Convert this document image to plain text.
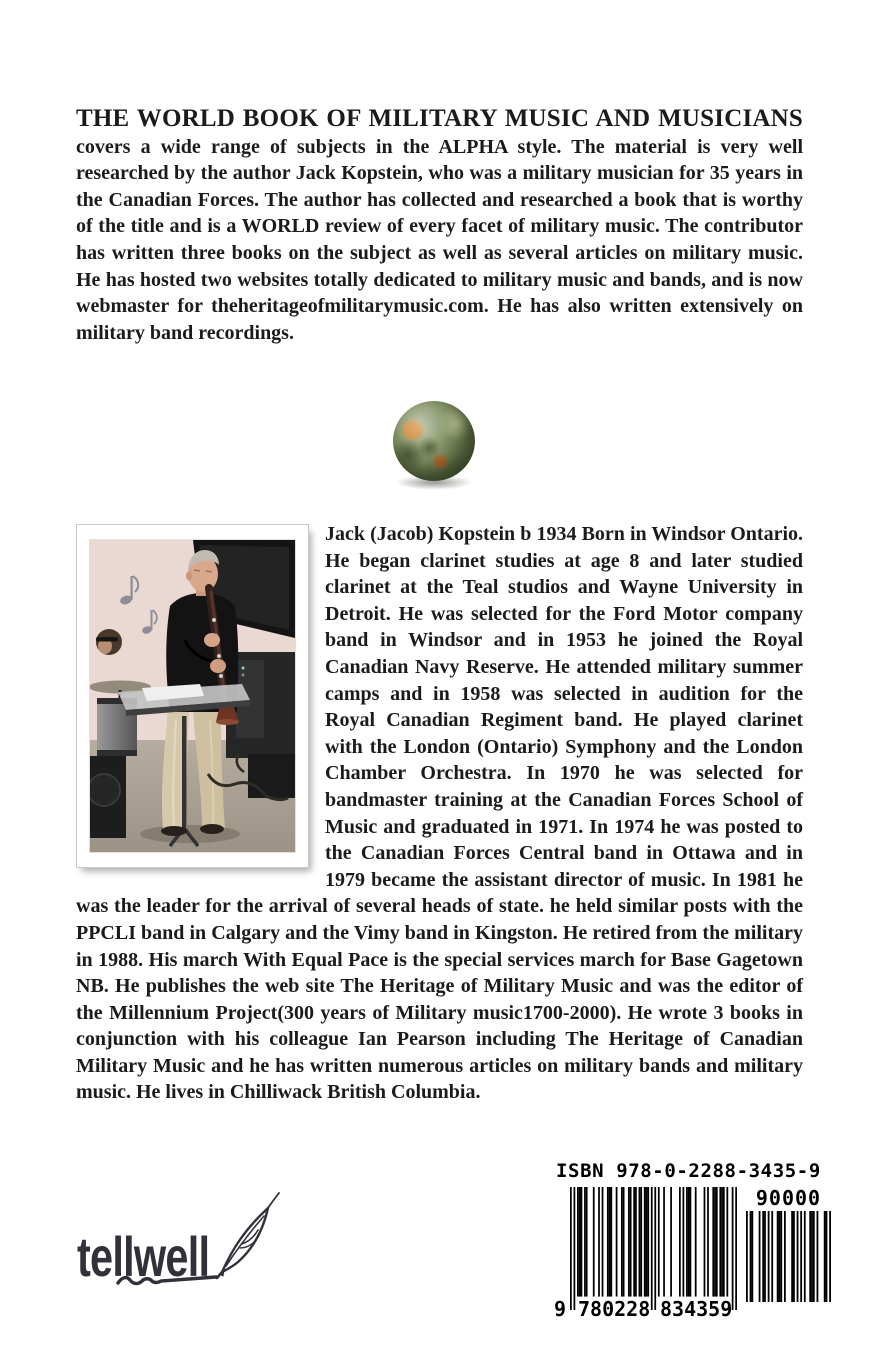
THE WORLD BOOK OF MILITARY MUSIC AND MUSICIANS covers a wide range of subjects in the ALPHA style. The material is very well researched by the author Jack Kopstein, who was a military musician for 35 years in the Canadian Forces. The author has collected and researched a book that is worthy of the title and is a WORLD review of every facet of military music. The contributor has written three books on the subject as well as several articles on military music. He has hosted two websites totally dedicated to military music and bands, and is now webmaster for theheritageofmilitarymusic.com. He has also written extensively on military band recordings.

Jack (Jacob) Kopstein b 1934 Born in Windsor Ontario. He began clarinet studies at age 8 and later studied clarinet at the Teal studios and Wayne University in Detroit. He was selected for the Ford Motor company band in Windsor and in 1953 he joined the Royal Canadian Navy Reserve. He attended military summer camps and in 1958 was selected in audition for the Royal Canadian Regiment band. He played clarinet with the London (Ontario) Symphony and the London Chamber Orchestra. In 1970 he was selected for bandmaster training at the Canadian Forces School of Music and graduated in 1971. In 1974 he was posted to the Canadian Forces Central band in Ottawa and in 1979 became the assistant director of music. In 1981 he was the leader for the arrival of several heads of state. he held similar posts with the PPCLI band in Calgary and the Vimy band in Kingston. He retired from the military in 1988. His march With Equal Pace is the special services march for Base Gagetown NB. He publishes the web site The Heritage of Military Music and was the editor of the Millennium Project(300 years of Military music1700-2000). He wrote 3 books in conjunction with his colleague Ian Pearson including The Heritage of Canadian Military Music and he has written numerous articles on military bands and military music. He lives in Chilliwack British Columbia.

tellwell
ISBN 978-0-2288-3435-9
9 780228 834359
90000
